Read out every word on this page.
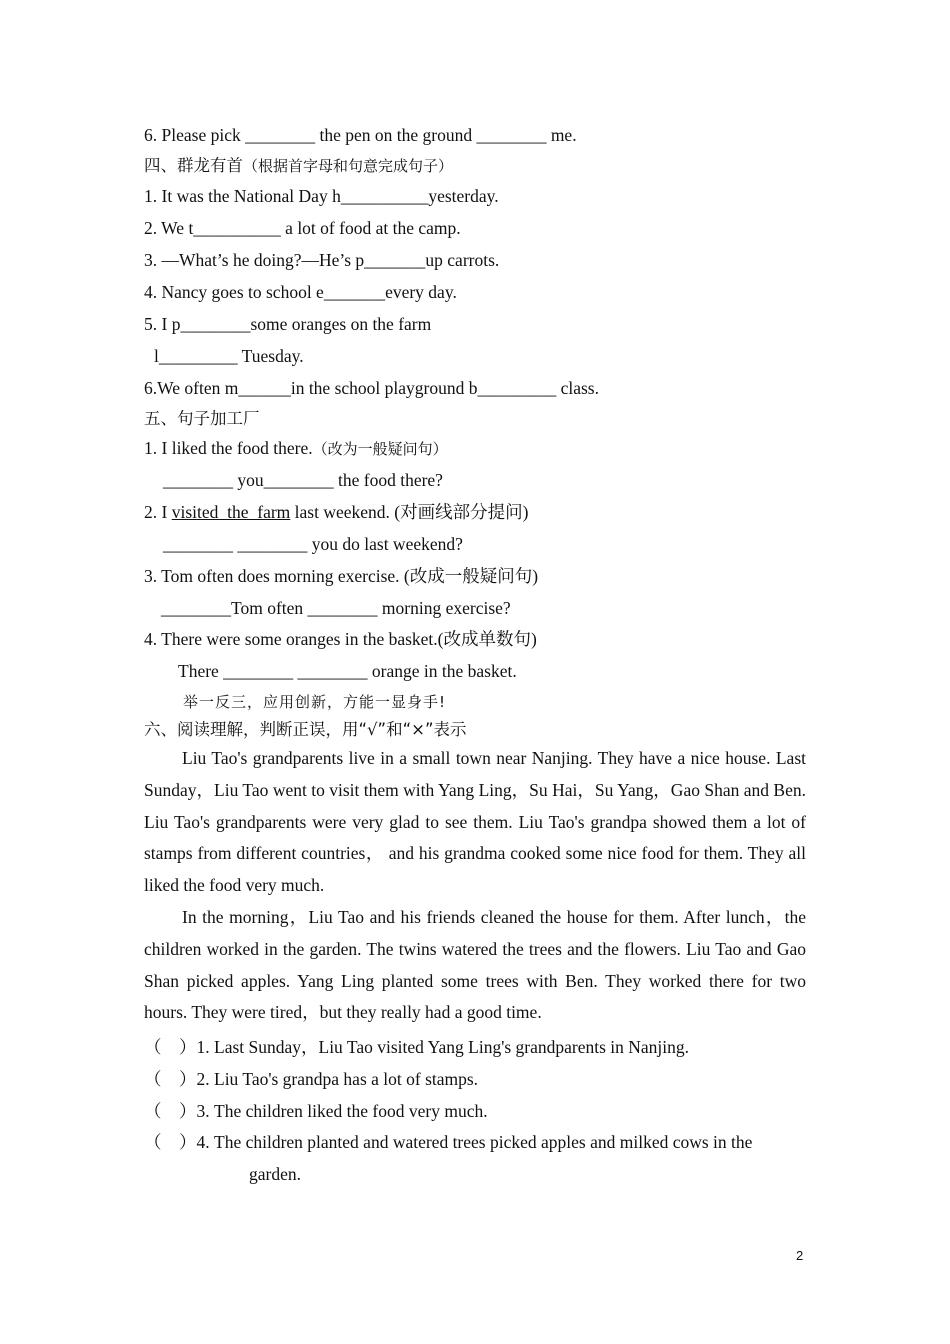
6. Please pick ________ the pen on the ground ________ me.
四、群龙有首（根据首字母和句意完成句子）
1. It was the National Day h__________yesterday.
2. We t__________ a lot of food at the camp.
3. —What’s he doing?—He’s p_______up carrots.
4. Nancy goes to school e_______every day.
5. I p________some oranges on the farm
l_________ Tuesday.
6.We often m______in the school playground b_________ class.
五、句子加工厂
1. I liked the food there.（改为一般疑问句）
________ you________ the food there?
2. I visited  the  farm last weekend. (对画线部分提问)
________ ________ you do last weekend?
3. Tom often does morning exercise. (改成一般疑问句)
________Tom often ________ morning exercise?
4. There were some oranges in the basket.(改成单数句)
There ________ ________ orange in the basket.
举一反三，应用创新，方能一显身手!
六、阅读理解，判断正误，用“√”和“×”表示
Liu Tao's grandparents live in a small town near Nanjing. They have a nice house. Last Sunday，Liu Tao went to visit them with Yang Ling，Su Hai，Su Yang，Gao Shan and Ben. Liu Tao's grandparents were very glad to see them. Liu Tao's grandpa showed them a lot of stamps from different countries， and his grandma cooked some nice food for them. They all liked the food very much.
In the morning，Liu Tao and his friends cleaned the house for them. After lunch，the children worked in the garden. The twins watered the trees and the flowers. Liu Tao and Gao Shan picked apples. Yang Ling planted some trees with Ben. They worked there for two hours. They were tired，but they really had a good time.
（    ）1. Last Sunday，Liu Tao visited Yang Ling's grandparents in Nanjing.
（    ）2. Liu Tao's grandpa has a lot of stamps.
（    ）3. The children liked the food very much.
（    ）4. The children planted and watered trees picked apples and milked cows in the
garden.
2
